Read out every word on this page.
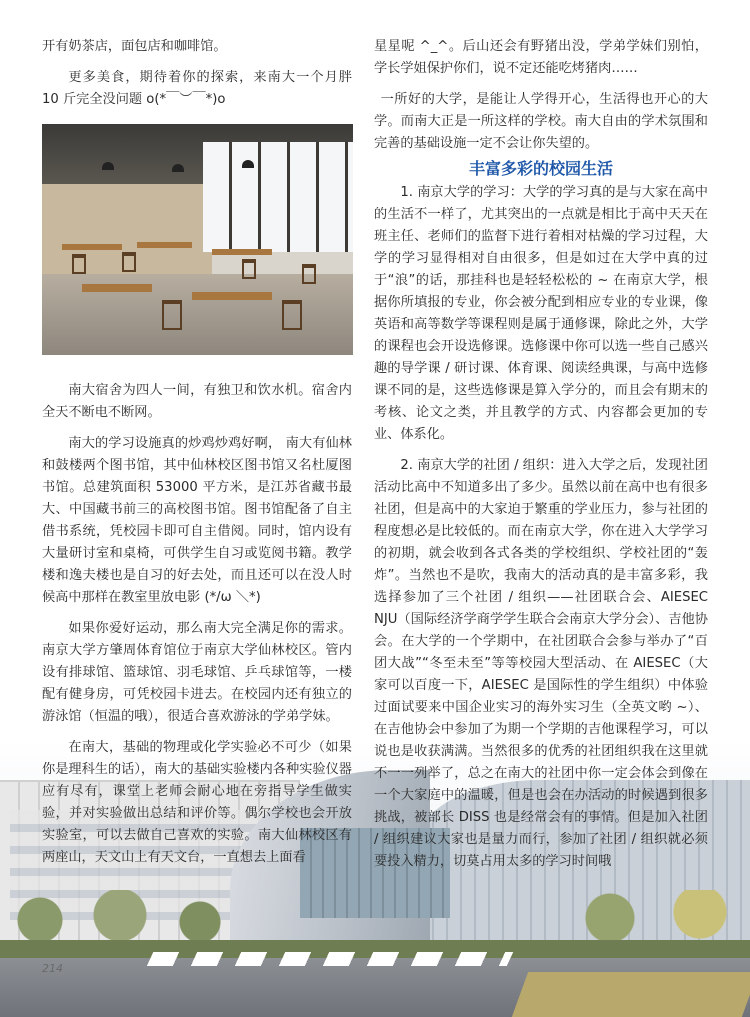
开有奶茶店，面包店和咖啡馆。

更多美食，期待着你的探索，来南大一个月胖 10 斤完全没问题 o(*￣︶￣*)o

南大宿舍为四人一间，有独卫和饮水机。宿舍内全天不断电不断网。

南大的学习设施真的炒鸡炒鸡好啊， 南大有仙林和鼓楼两个图书馆，其中仙林校区图书馆又名杜厦图书馆。总建筑面积 53000 平方米，是江苏省藏书最大、中国藏书前三的高校图书馆。图书馆配备了自主借书系统，凭校园卡即可自主借阅。同时，馆内设有大量研讨室和桌椅，可供学生自习或览阅书籍。教学楼和逸夫楼也是自习的好去处，而且还可以在没人时候高中那样在教室里放电影 (*/ω ＼*)

如果你爱好运动，那么南大完全满足你的需求。南京大学方肇周体育馆位于南京大学仙林校区。管内设有排球馆、篮球馆、羽毛球馆、乒乓球馆等，一楼配有健身房，可凭校园卡进去。在校园内还有独立的游泳馆（恒温的哦），很适合喜欢游泳的学弟学妹。

在南大，基础的物理或化学实验必不可少（如果你是理科生的话），南大的基础实验楼内各种实验仪器应有尽有，课堂上老师会耐心地在旁指导学生做实验，并对实验做出总结和评价等。偶尔学校也会开放实验室，可以去做自己喜欢的实验。南大仙林校区有两座山，天文山上有天文台，一直想去上面看

星星呢 ^_^。后山还会有野猪出没，学弟学妹们别怕，学长学姐保护你们，说不定还能吃烤猪肉……

一所好的大学，是能让人学得开心，生活得也开心的大学。而南大正是一所这样的学校。南大自由的学术氛围和完善的基础设施一定不会让你失望的。

丰富多彩的校园生活

1. 南京大学的学习：大学的学习真的是与大家在高中的生活不一样了，尤其突出的一点就是相比于高中天天在班主任、老师们的监督下进行着相对枯燥的学习过程，大学的学习显得相对自由很多，但是如过在大学中真的过于“浪”的话，那挂科也是轻轻松松的 ~ 在南京大学，根据你所填报的专业，你会被分配到相应专业的专业课，像英语和高等数学等课程则是属于通修课，除此之外，大学的课程也会开设选修课。选修课中你可以选一些自己感兴趣的导学课 / 研讨课、体育课、阅读经典课，与高中选修课不同的是，这些选修课是算入学分的，而且会有期末的考核、论文之类，并且教学的方式、内容都会更加的专业、体系化。

2. 南京大学的社团 / 组织：进入大学之后，发现社团活动比高中不知道多出了多少。虽然以前在高中也有很多社团，但是高中的大家迫于繁重的学业压力，参与社团的程度想必是比较低的。而在南京大学，你在进入大学学习的初期，就会收到各式各类的学校组织、学校社团的“轰炸”。当然也不是吹，我南大的活动真的是丰富多彩，我选择参加了三个社团 / 组织——社团联合会、AIESEC NJU（国际经济学商学学生联合会南京大学分会）、吉他协会。在大学的一个学期中，在社团联合会参与举办了“百团大战”“冬至未至”等等校园大型活动、在 AIESEC（大家可以百度一下，AIESEC 是国际性的学生组织）中体验过面试要来中国企业实习的海外实习生（全英文哟 ~）、在吉他协会中参加了为期一个学期的吉他课程学习，可以说也是收获满满。当然很多的优秀的社团组织我在这里就不一一列举了，总之在南大的社团中你一定会体会到像在一个大家庭中的温暖，但是也会在办活动的时候遇到很多挑战，被部长 DISS 也是经常会有的事情。但是加入社团 / 组织建议大家也是量力而行，参加了社团 / 组织就必须要投入精力，切莫占用太多的学习时间哦

214
